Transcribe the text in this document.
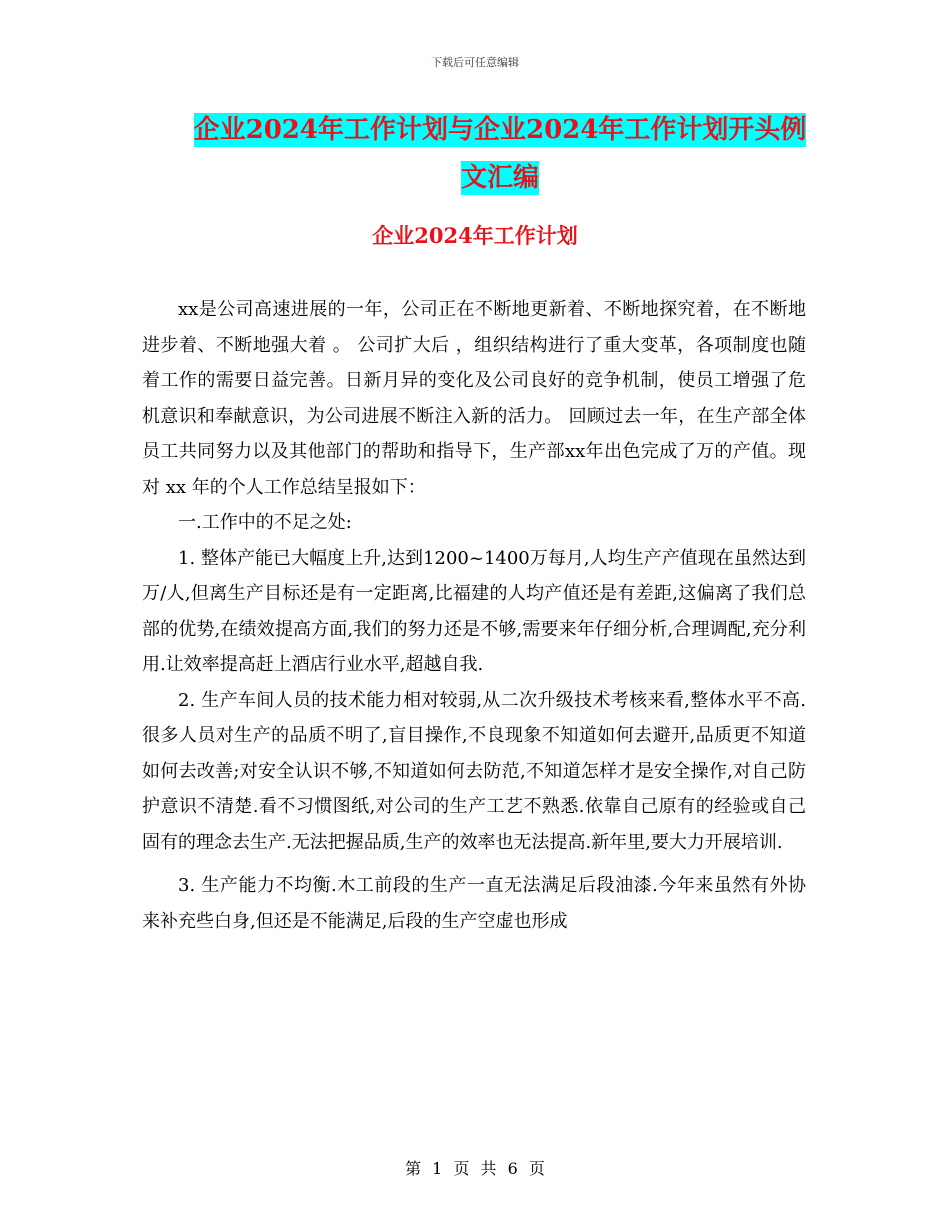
下载后可任意编辑
企业2024年工作计划与企业2024年工作计划开头例
文汇编
企业2024年工作计划

xx是公司高速进展的一年，公司正在不断地更新着、不断地探究着，在不断地进步着、不断地强大着 。 公司扩大后 ，组织结构进行了重大变革，各项制度也随着工作的需要日益完善。日新月异的变化及公司良好的竞争机制，使员工增强了危机意识和奉献意识，为公司进展不断注入新的活力。 回顾过去一年，在生产部全体员工共同努力以及其他部门的帮助和指导下，生产部xx年出色完成了万的产值。现对 xx 年的个人工作总结呈报如下：

一.工作中的不足之处:

1. 整体产能已大幅度上升,达到1200~1400万每月,人均生产产值现在虽然达到 万/人,但离生产目标还是有一定距离,比福建的人均产值还是有差距,这偏离了我们总部的优势,在绩效提高方面,我们的努力还是不够,需要来年仔细分析,合理调配,充分利用.让效率提高赶上酒店行业水平,超越自我.

2. 生产车间人员的技术能力相对较弱,从二次升级技术考核来看,整体水平不高.很多人员对生产的品质不明了,盲目操作,不良现象不知道如何去避开,品质更不知道如何去改善;对安全认识不够,不知道如何去防范,不知道怎样才是安全操作,对自己防护意识不清楚.看不习惯图纸,对公司的生产工艺不熟悉.依靠自己原有的经验或自己固有的理念去生产.无法把握品质,生产的效率也无法提高.新年里,要大力开展培训.

3. 生产能力不均衡.木工前段的生产一直无法满足后段油漆.今年来虽然有外协来补充些白身,但还是不能满足,后段的生产空虚也形成

第 1 页 共 6 页
